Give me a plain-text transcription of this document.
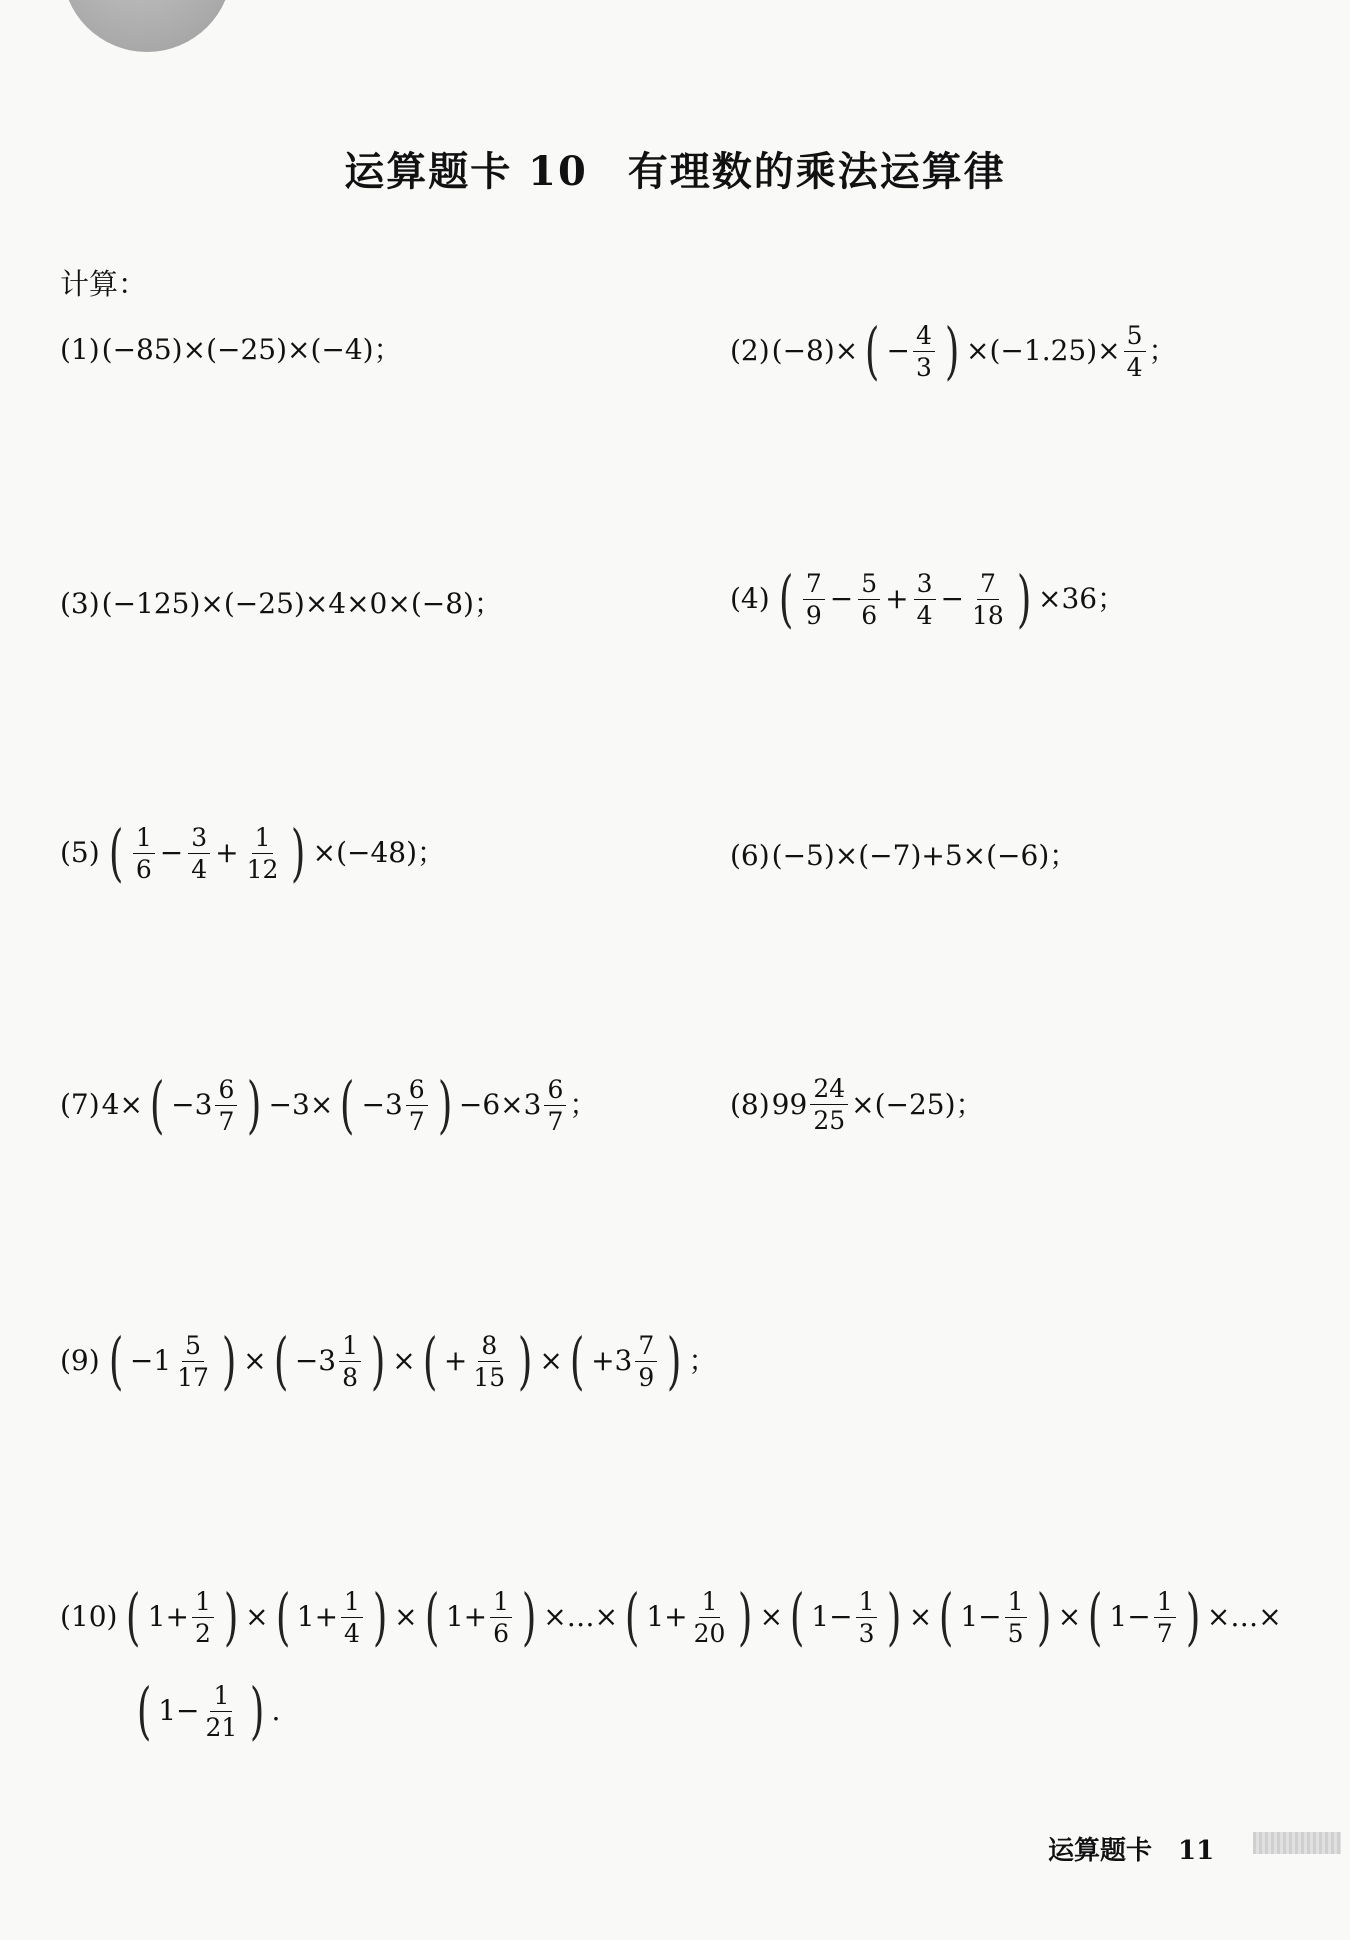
运算题卡 10 有理数的乘法运算律
计算：
(1) (−85)×(−25)×(−4)；	(2) (−8)× ( − $\frac{4}{3}$ ) $\times(-1.25)\times \frac{5}{4}$ ；
(3) (−125)×(−25)×4×0×(−8)；	(4) ( $\frac{7}{9} - \frac{5}{6} + \frac{3}{4} - \frac{7}{18}$ ) ×36；
(5) ( $\frac{1}{6} - \frac{3}{4} + \frac{1}{12}$ ) ×(−48)；	(6) (−5)×(−7)+5×(−6)；
(7) 4× ( $-3 \frac{6}{7}$ ) −3× ( $-3 \frac{6}{7}$ ) $-6\times 3 \frac{6}{7}$ ；	(8) $99 \frac{24}{25} \times(-25)$；
(9) ( $-1 \frac{5}{17}$ ) × ( $-3 \frac{1}{8}$ ) × ( + $\frac{8}{15}$ ) × ( $+3 \frac{7}{9}$ ) ；
(10) ( $1+ \frac{1}{2}$ ) × ( $1+ \frac{1}{4}$ ) × ( $1+ \frac{1}{6}$ ) ×…× ( $1+ \frac{1}{20}$ ) × ( $1- \frac{1}{3}$ ) × ( $1- \frac{1}{5}$ ) × ( $1- \frac{1}{7}$ ) ×…×
( $1- \frac{1}{21}$ ) .
运算题卡 11
